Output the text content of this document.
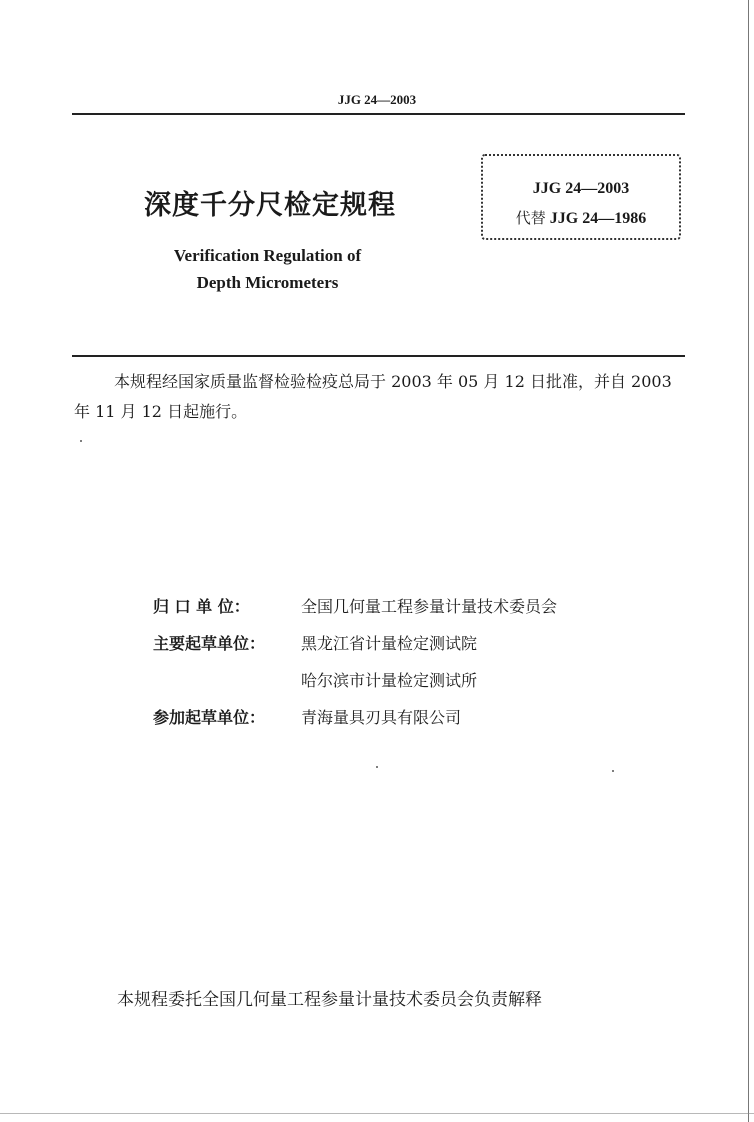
JJG 24—2003
深度千分尺检定规程
Verification Regulation of
Depth Micrometers
JJG 24—2003
代替 JJG 24—1986
本规程经国家质量监督检验检疫总局于 2003 年 05 月 12 日批准，并自 2003 年 11 月 12 日起施行。
归 口 单 位：	全国几何量工程参量计量技术委员会
主要起草单位： 黑龙江省计量检定测试院
哈尔滨市计量检定测试所
参加起草单位： 青海量具刃具有限公司
本规程委托全国几何量工程参量计量技术委员会负责解释
